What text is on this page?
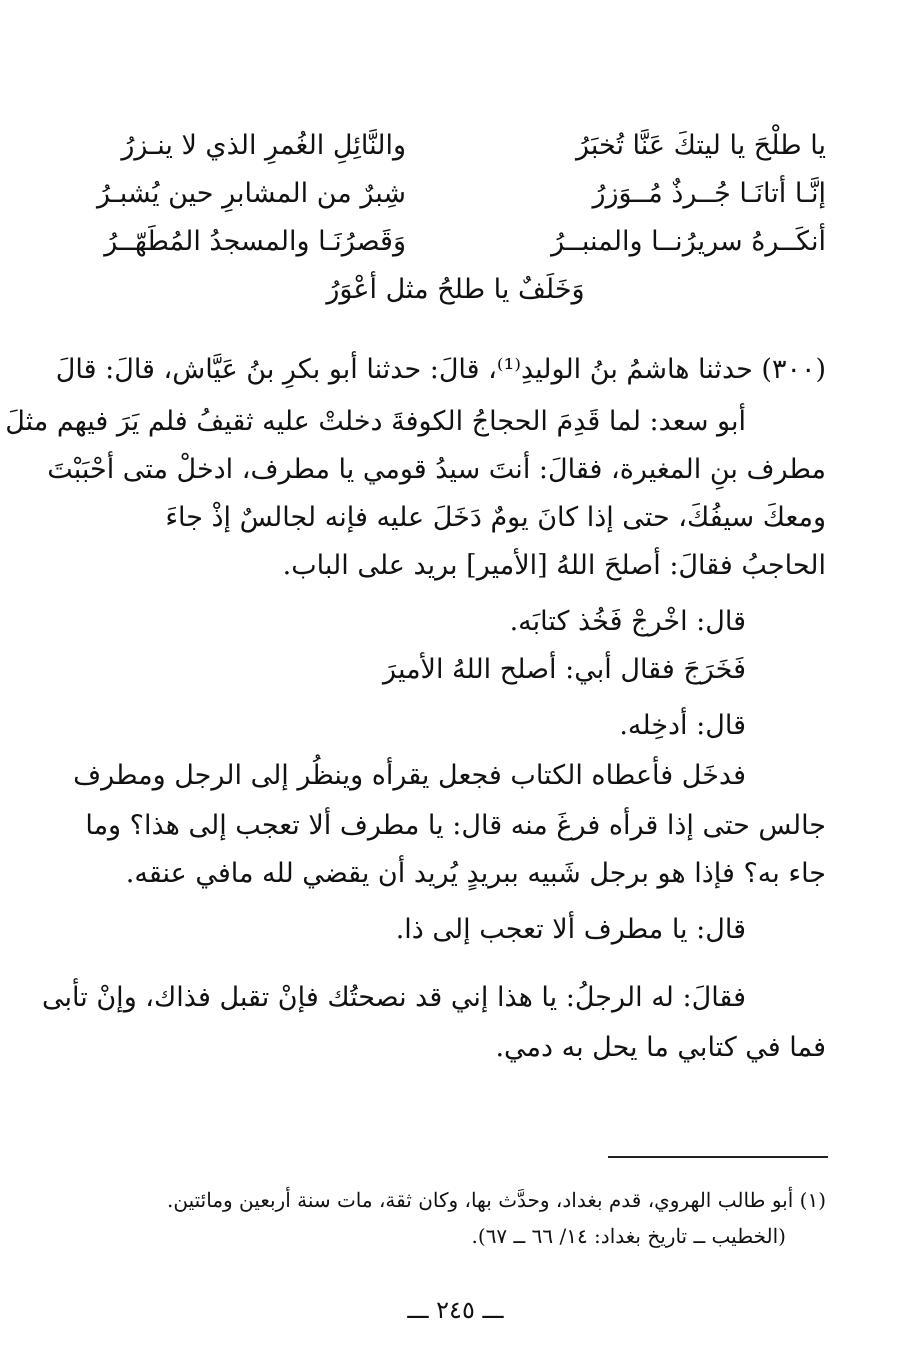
يا طلْحَ يا ليتكَ عَنَّا تُخبَرُ
والنَّائِلِ الغُمرِ الذي لا ينـزرُ
إنَّـا أتانَـا جُــرذٌ مُــوَزرُ
شِبرٌ من المشابرِ حين يُشبـرُ
أنكَــرهُ سريرُنــا والمنبــرُ
وَقَصرُنَـا والمسجدُ المُطَهّــرُ
وَخَلَفٌ يا طلحُ مثل أعْوَرُ
(٣٠٠) حدثنا هاشمُ بنُ الوليدِ⁽¹⁾، قالَ: حدثنا أبو بكرِ بنُ عَيَّاش، قالَ: قالَ
أبو سعد: لما قَدِمَ الحجاجُ الكوفةَ دخلتْ عليه ثقيفُ فلم يَرَ فيهم مثلَ
مطرف بنِ المغيرة، فقالَ: أنتَ سيدُ قومي يا مطرف، ادخلْ متى أحْبَبْتَ
ومعكَ سيفُكَ، حتى إذا كانَ يومٌ دَخَلَ عليه فإنه لجالسٌ إذْ جاءَ
الحاجبُ فقالَ: أصلحَ اللهُ [الأمير] بريد على الباب.
قال: اخْرجْ فَخُذ كتابَه.
فَخَرَجَ فقال أبي: أصلح اللهُ الأميرَ
قال: أدخِله.
فدخَل فأعطاه الكتاب فجعل يقرأه وينظُر إلى الرجل ومطرف
جالس حتى إذا قرأه فرغَ منه قال: يا مطرف ألا تعجب إلى هذا؟ وما
جاء به؟ فإذا هو برجل شَبيه ببريدٍ يُريد أن يقضي لله مافي عنقه.
قال: يا مطرف ألا تعجب إلى ذا.
فقالَ: له الرجلُ: يا هذا إني قد نصحتُك فإنْ تقبل فذاك، وإنْ تأبى
فما في كتابي ما يحل به دمي.
(١) أبو طالب الهروي، قدم بغداد، وحدَّث بها، وكان ثقة، مات سنة أربعين ومائتين.
(الخطيب ــ تاريخ بغداد: ١٤/ ٦٦ ــ ٦٧).
ـــ ٢٤٥ ـــ
